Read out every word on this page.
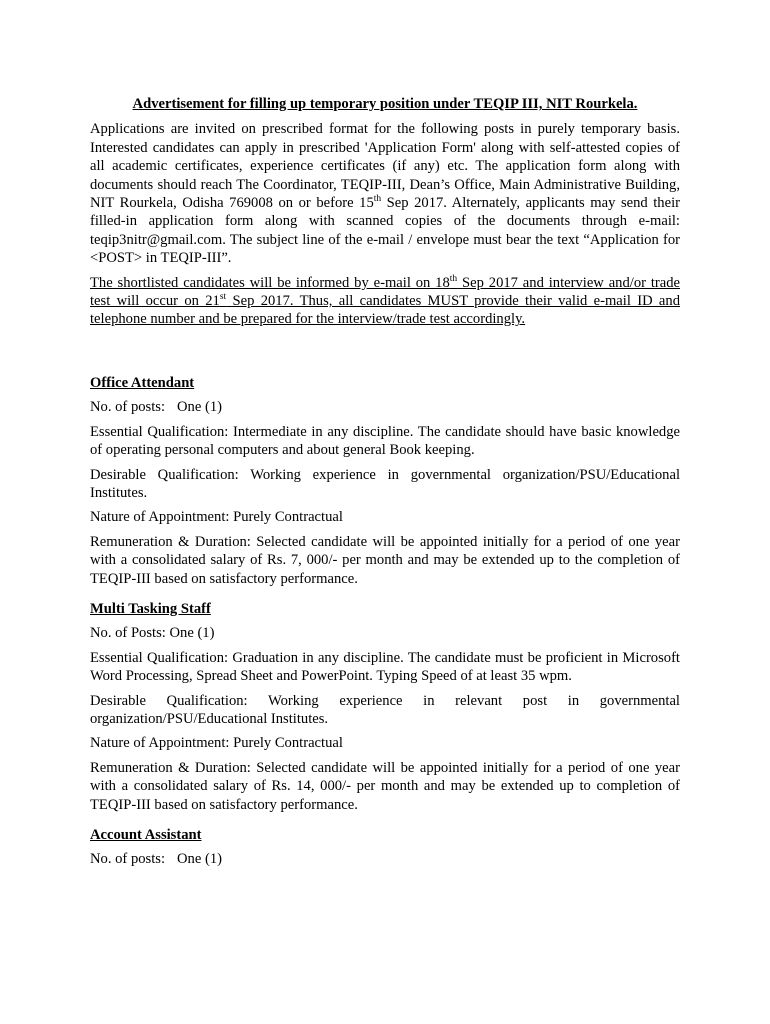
Advertisement for filling up temporary position under TEQIP III, NIT Rourkela.

Applications are invited on prescribed format for the following posts in purely temporary basis. Interested candidates can apply in prescribed 'Application Form' along with self-attested copies of all academic certificates, experience certificates (if any) etc. The application form along with documents should reach The Coordinator, TEQIP-III, Dean’s Office, Main Administrative Building, NIT Rourkela, Odisha 769008 on or before 15th Sep 2017. Alternately, applicants may send their filled-in application form along with scanned copies of the documents through e-mail: teqip3nitr@gmail.com. The subject line of the e-mail / envelope must bear the text “Application for <POST> in TEQIP-III”.

The shortlisted candidates will be informed by e-mail on 18th Sep 2017 and interview and/or trade test will occur on 21st Sep 2017. Thus, all candidates MUST provide their valid e-mail ID and telephone number and be prepared for the interview/trade test accordingly.

Office Attendant

No. of posts: One (1)

Essential Qualification: Intermediate in any discipline. The candidate should have basic knowledge of operating personal computers and about general Book keeping.

Desirable Qualification: Working experience in governmental organization/PSU/Educational Institutes.

Nature of Appointment: Purely Contractual

Remuneration & Duration: Selected candidate will be appointed initially for a period of one year with a consolidated salary of Rs. 7, 000/- per month and may be extended up to the completion of TEQIP-III based on satisfactory performance.

Multi Tasking Staff

No. of Posts: One (1)

Essential Qualification: Graduation in any discipline. The candidate must be proficient in Microsoft Word Processing, Spread Sheet and PowerPoint. Typing Speed of at least 35 wpm.

Desirable Qualification: Working experience in relevant post in governmental organization/PSU/Educational Institutes.

Nature of Appointment: Purely Contractual

Remuneration & Duration: Selected candidate will be appointed initially for a period of one year with a consolidated salary of Rs. 14, 000/- per month and may be extended up to completion of TEQIP-III based on satisfactory performance.

Account Assistant

No. of posts: One (1)
